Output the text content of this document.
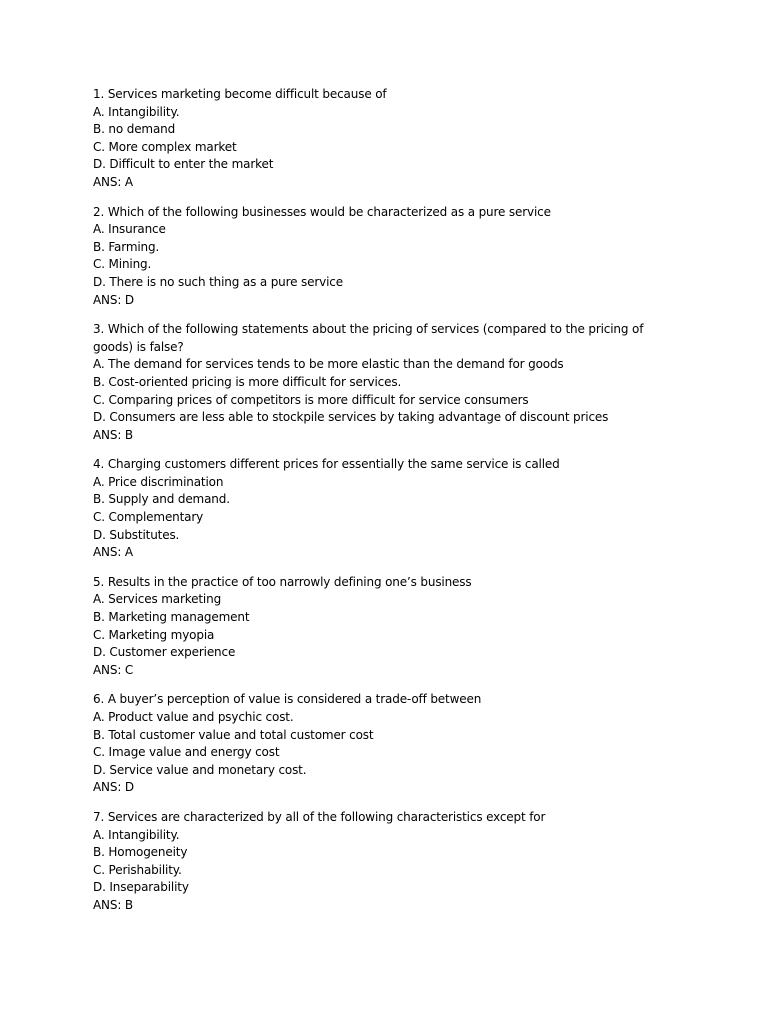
1. Services marketing become difficult because of
A. Intangibility.
B. no demand
C. More complex market
D. Difficult to enter the market
ANS: A
2. Which of the following businesses would be characterized as a pure service
A. Insurance
B. Farming.
C. Mining.
D. There is no such thing as a pure service
ANS: D
3. Which of the following statements about the pricing of services (compared to the pricing of goods) is false?
A. The demand for services tends to be more elastic than the demand for goods
B. Cost-oriented pricing is more difficult for services.
C. Comparing prices of competitors is more difficult for service consumers
D. Consumers are less able to stockpile services by taking advantage of discount prices
ANS: B
4. Charging customers different prices for essentially the same service is called
A. Price discrimination
B. Supply and demand.
C. Complementary
D. Substitutes.
ANS: A
5. Results in the practice of too narrowly defining one’s business
A. Services marketing
B. Marketing management
C. Marketing myopia
D. Customer experience
ANS: C
6. A buyer’s perception of value is considered a trade-off between
A. Product value and psychic cost.
B. Total customer value and total customer cost
C. Image value and energy cost
D. Service value and monetary cost.
ANS: D
7. Services are characterized by all of the following characteristics except for
A. Intangibility.
B. Homogeneity
C. Perishability.
D. Inseparability
ANS: B
